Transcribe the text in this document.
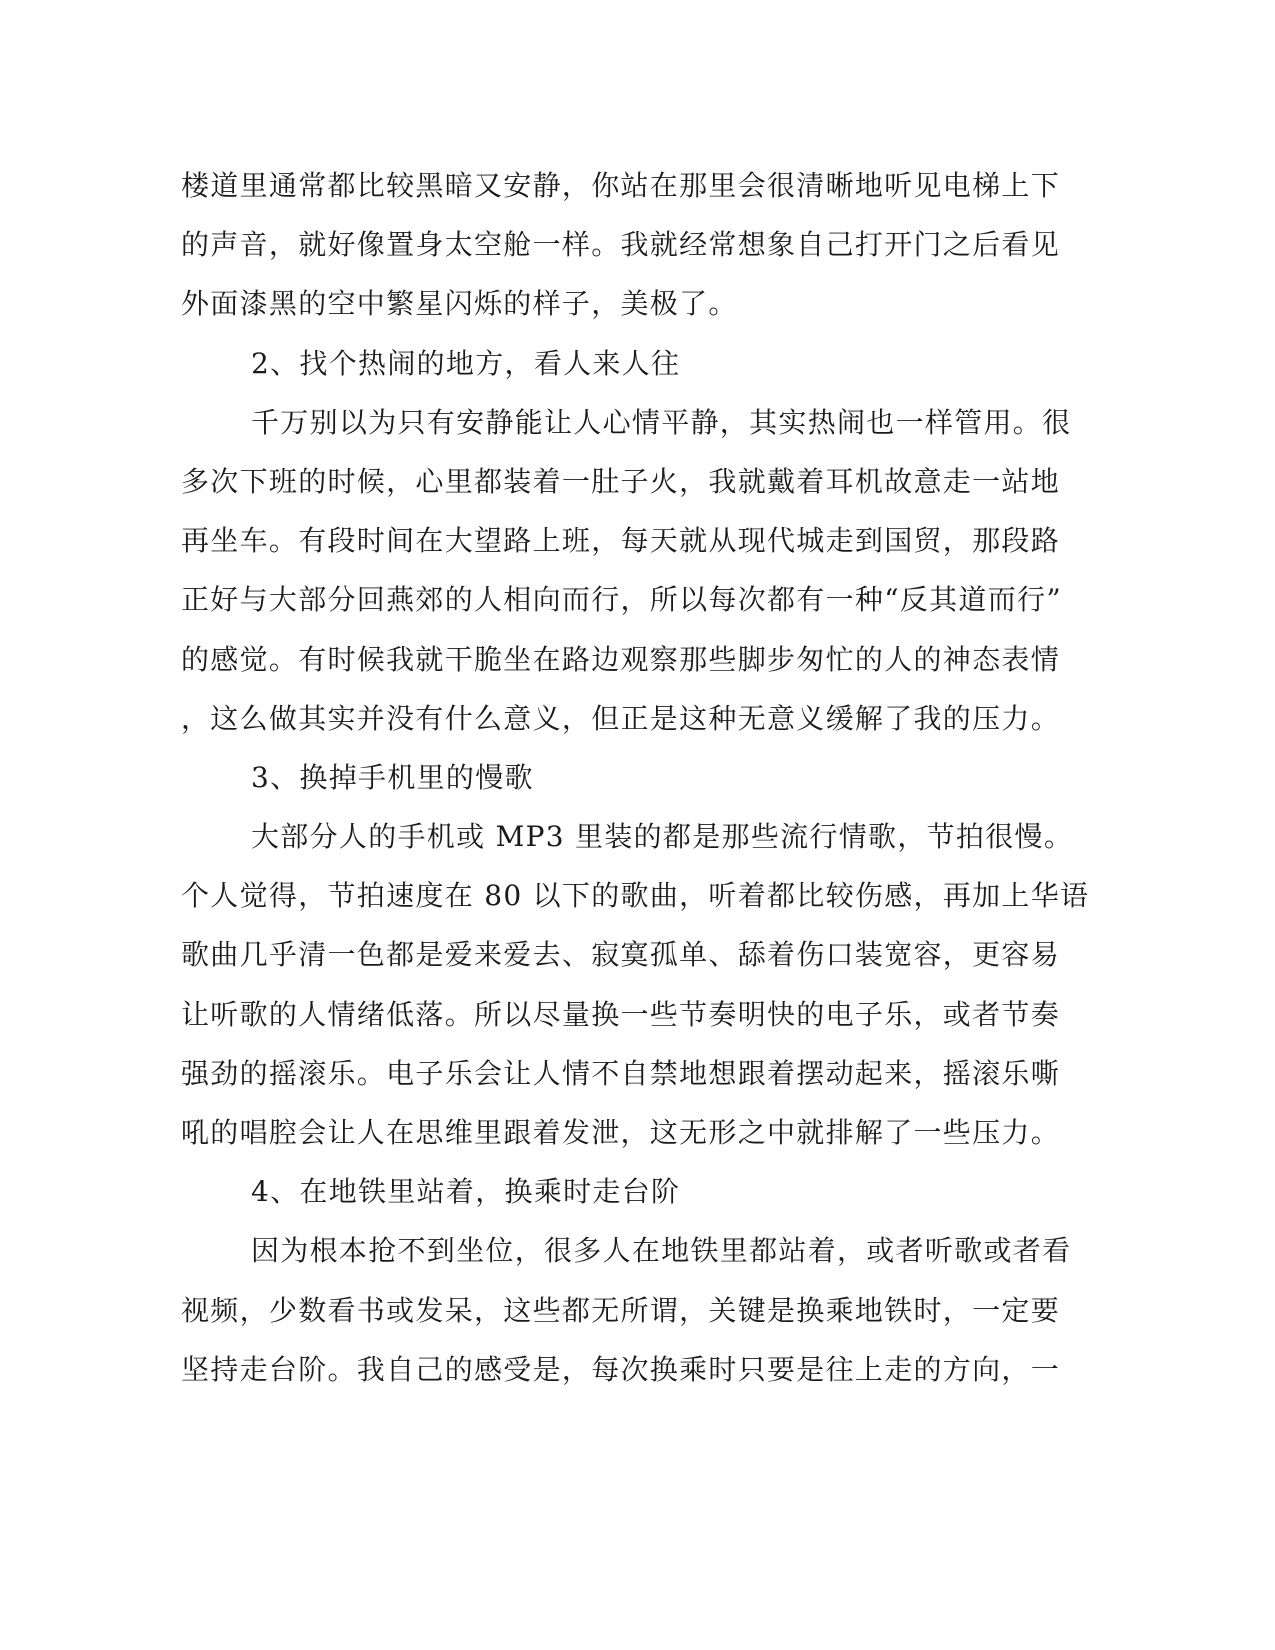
楼道里通常都比较黑暗又安静，你站在那里会很清晰地听见电梯上下
的声音，就好像置身太空舱一样。我就经常想象自己打开门之后看见
外面漆黑的空中繁星闪烁的样子，美极了。
2、找个热闹的地方，看人来人往
千万别以为只有安静能让人心情平静，其实热闹也一样管用。很
多次下班的时候，心里都装着一肚子火，我就戴着耳机故意走一站地
再坐车。有段时间在大望路上班，每天就从现代城走到国贸，那段路
正好与大部分回燕郊的人相向而行，所以每次都有一种“反其道而行”
的感觉。有时候我就干脆坐在路边观察那些脚步匆忙的人的神态表情
，这么做其实并没有什么意义，但正是这种无意义缓解了我的压力。
3、换掉手机里的慢歌
大部分人的手机或 MP3 里装的都是那些流行情歌，节拍很慢。
个人觉得，节拍速度在 80 以下的歌曲，听着都比较伤感，再加上华语
歌曲几乎清一色都是爱来爱去、寂寞孤单、舔着伤口装宽容，更容易
让听歌的人情绪低落。所以尽量换一些节奏明快的电子乐，或者节奏
强劲的摇滚乐。电子乐会让人情不自禁地想跟着摆动起来，摇滚乐嘶
吼的唱腔会让人在思维里跟着发泄，这无形之中就排解了一些压力。
4、在地铁里站着，换乘时走台阶
因为根本抢不到坐位，很多人在地铁里都站着，或者听歌或者看
视频，少数看书或发呆，这些都无所谓，关键是换乘地铁时，一定要
坚持走台阶。我自己的感受是，每次换乘时只要是往上走的方向，一
